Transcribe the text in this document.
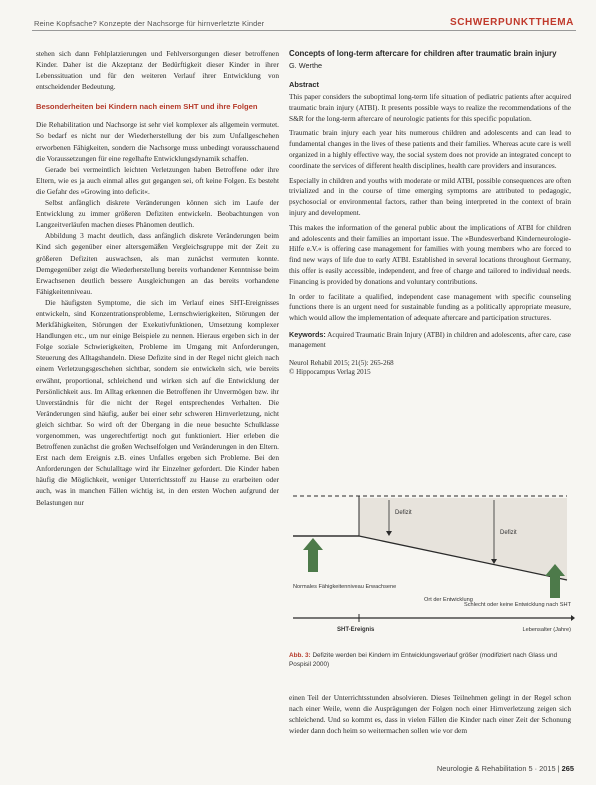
Reine Kopfsache? Konzepte der Nachsorge für hirnverletzte Kinder	SCHWERPUNKTTHEMA

stehen sich dann Fehlplatzierungen und Fehlversorgungen dieser betroffenen Kinder. Daher ist die Akzeptanz der Bedürftigkeit dieser Kinder in ihrer Lebenssituation und für den weiteren Verlauf ihrer Entwicklung von entscheidender Bedeutung.

Besonderheiten bei Kindern nach einem SHT und ihre Folgen

Die Rehabilitation und Nachsorge ist sehr viel komplexer als allgemein vermutet. So bedarf es nicht nur der Wiederherstellung der bis zum Unfallgeschehen erworbenen Fähigkeiten, sondern die Nachsorge muss unbedingt vorausschauend die Voraussetzungen für eine regelhafte Entwicklungsdynamik schaffen.

Gerade bei vermeintlich leichten Verletzungen haben Betroffene oder ihre Eltern, wie es ja auch einmal alles gut gegangen sei, oft keine Folgen. Es besteht die Gefahr des »Growing into deficit«.

Selbst anfänglich diskrete Veränderungen können sich im Laufe der Entwicklung zu immer größeren Defiziten entwickeln. Beobachtungen von Langzeitverläufen machen dieses Phänomen deutlich.

Abbildung 3 macht deutlich, dass anfänglich diskrete Veränderungen beim Kind sich gegenüber einer altersgemäßen Vergleichsgruppe mit der Zeit zu größeren Defiziten auswachsen, als man zunächst vermuten konnte. Demgegenüber zeigt die Wiederherstellung bereits vorhandener Kenntnisse beim Erwachsenen deutlich bessere Ausgleichungen an das bereits vorhandene Fähigkeitenniveau.

Die häufigsten Symptome, die sich im Verlauf eines SHT-Ereignisses entwickeln, sind Konzentrationsprobleme, Lernschwierigkeiten, Störungen der Merkfähigkeiten, Störungen der Exekutivfunktionen, Umsetzung komplexer Handlungen etc., um nur einige Beispiele zu nennen. Hieraus ergeben sich in der Folge soziale Schwierigkeiten, Probleme im Umgang mit Anforderungen, Steuerung des Alltagshandeln. Diese Defizite sind in der Regel nicht gleich nach einem Verletzungsgeschehen sichtbar, sondern sie entwickeln sich, wie bereits erwähnt, proportional, schleichend und wirken sich auf die Entwicklung der Persönlichkeit aus. Im Alltag erkennen die Betroffenen ihr Unvermögen bzw. ihr Unverständnis für die nicht der Regel entsprechendes Verhalten. Die Veränderungen sind häufig, außer bei einer sehr schweren Hirnverletzung, nicht gleich sichtbar. So wird oft der Übergang in die neue besuchte Schulklasse vorgenommen, was ungerechtfertigt noch gut funktioniert. Hier erleben die Betroffenen zunächst die großen Wechselfolgen und Veränderungen in den Eltern. Erst nach dem Ereignis z.B. eines Unfalles ergeben sich Probleme. Bei den Anforderungen der Schulalltage wird ihr Einzelner gefordert. Die Kinder haben häufig die Möglichkeit, weniger Unterrichtsstoff zu Hause zu erarbeiten oder auch, was in manchen Fällen wichtig ist, in den ersten Wochen aufgrund der Belastungen nur

Concepts of long-term aftercare for children after traumatic brain injury

G. Werthe

Abstract

This paper considers the suboptimal long-term life situation of pediatric patients after acquired traumatic brain injury (ATBI). It presents possible ways to realize the recommendations of the S&R for the long-term aftercare of neurologic patients for this specific population.

Traumatic brain injury each year hits numerous children and adolescents and can lead to fundamental changes in the lives of these patients and their families. Whereas acute care is well organized in a highly effective way, the social system does not provide an integrated concept to coordinate the services of different health disciplines, health care providers and insurances.

Especially in children and youths with moderate or mild ATBI, possible consequences are often trivialized and in the course of time emerging symptoms are attributed to pedagogic, psychosocial or environmental factors, rather than being interpreted in the context of brain injury and development.

This makes the information of the general public about the implications of ATBI for children and adolescents and their families an important issue. The »Bundesverband Kinderneurologie-Hilfe e.V.« is offering case management for families with young members who are forced to find new ways of life due to early ATBI. Established in several locations throughout Germany, this offer is easily accessible, independent, and free of charge and tailored to individual needs. Financing is provided by donations and voluntary contributions.

In order to facilitate a qualified, independent case management with specific counseling functions there is an urgent need for sustainable funding as a politically appropriate measure, which would allow the implementation of adequate aftercare and participation structures.

Keywords: Acquired Traumatic Brain Injury (ATBI) in children and adolescents, after care, case management

Neurol Rehabil 2015; 21(5): 265-268

© Hippocampus Verlag 2015

Defizit
Defizit
Normales Fähigkeitenniveau Erwachsene
Schlecht oder keine Entwicklung nach SHT
Ort der Entwicklung
SHT-Ereignis	Lebensalter (Jahre)
Abb. 3: Defizite werden bei Kindern im Entwicklungsverlauf größer (modifiziert nach Glass und Pospisil 2000)

einen Teil der Unterrichtsstunden absolvieren. Dieses Teilnehmen gelingt in der Regel schon nach einer Weile, wenn die Ausprägungen der Folgen noch einer Hirnverletzung zeigen sich schleichend. Und so kommt es, dass in vielen Fällen die Kinder nach einer Zeit der Schonung wieder dann doch heim so weitermachen sollen wie vor dem

Neurologie & Rehabilitation 5 · 2015 | 265
